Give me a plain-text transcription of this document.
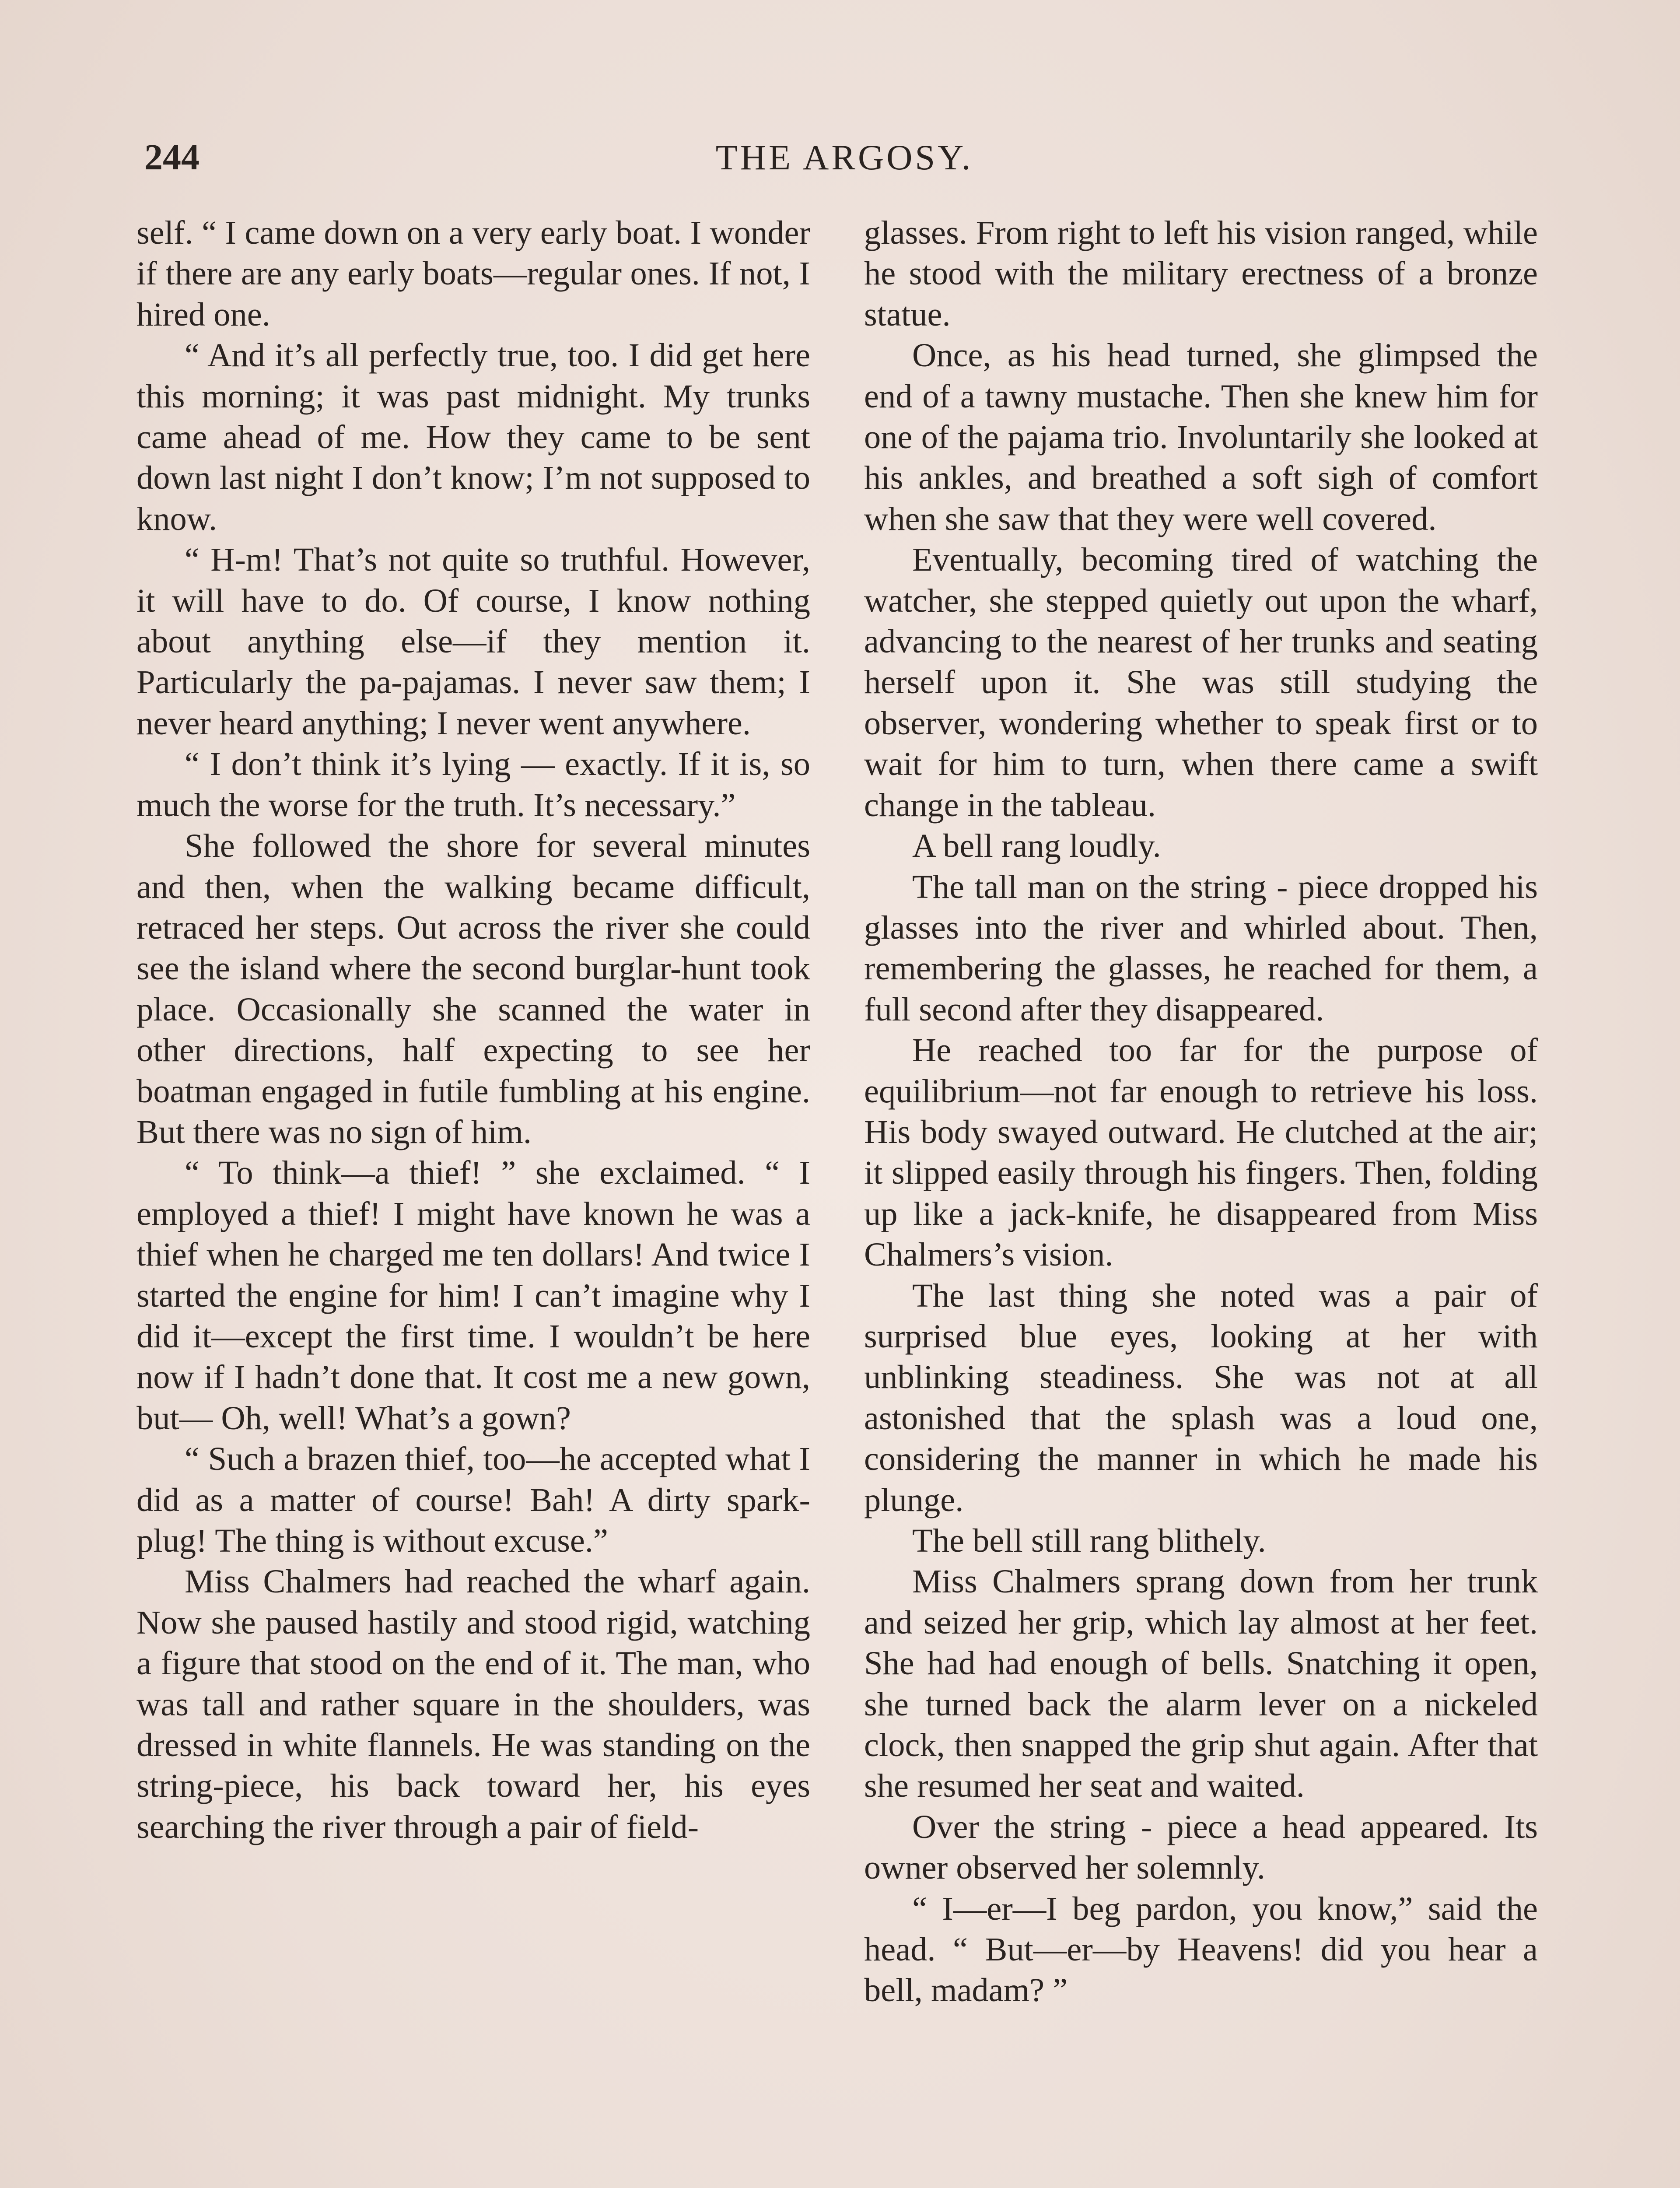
244	THE ARGOSY.

self. “ I came down on a very early boat. I wonder if there are any early boats—regular ones. If not, I hired one.

“ And it’s all perfectly true, too. I did get here this morning; it was past midnight. My trunks came ahead of me. How they came to be sent down last night I don’t know; I’m not supposed to know.

“ H-m! That’s not quite so truthful. However, it will have to do. Of course, I know nothing about anything else—if they mention it. Particularly the pa-pajamas. I never saw them; I never heard anything; I never went anywhere.

“ I don’t think it’s lying — exactly. If it is, so much the worse for the truth. It’s necessary.”

She followed the shore for several minutes and then, when the walking became difficult, retraced her steps. Out across the river she could see the island where the second burglar-hunt took place. Occasionally she scanned the water in other directions, half expecting to see her boatman engaged in futile fumbling at his engine. But there was no sign of him.

“ To think—a thief! ” she exclaimed. “ I employed a thief! I might have known he was a thief when he charged me ten dollars! And twice I started the engine for him! I can’t imagine why I did it—except the first time. I wouldn’t be here now if I hadn’t done that. It cost me a new gown, but— Oh, well! What’s a gown?

“ Such a brazen thief, too—he accepted what I did as a matter of course! Bah! A dirty spark-plug! The thing is without excuse.”

Miss Chalmers had reached the wharf again. Now she paused hastily and stood rigid, watching a figure that stood on the end of it. The man, who was tall and rather square in the shoulders, was dressed in white flannels. He was standing on the string-piece, his back toward her, his eyes searching the river through a pair of field-

glasses. From right to left his vision ranged, while he stood with the military erectness of a bronze statue.

Once, as his head turned, she glimpsed the end of a tawny mustache. Then she knew him for one of the pajama trio. Involuntarily she looked at his ankles, and breathed a soft sigh of comfort when she saw that they were well covered.

Eventually, becoming tired of watching the watcher, she stepped quietly out upon the wharf, advancing to the nearest of her trunks and seating herself upon it. She was still studying the observer, wondering whether to speak first or to wait for him to turn, when there came a swift change in the tableau.

A bell rang loudly.

The tall man on the string - piece dropped his glasses into the river and whirled about. Then, remembering the glasses, he reached for them, a full second after they disappeared.

He reached too far for the purpose of equilibrium—not far enough to retrieve his loss. His body swayed outward. He clutched at the air; it slipped easily through his fingers. Then, folding up like a jack-knife, he disappeared from Miss Chalmers’s vision.

The last thing she noted was a pair of surprised blue eyes, looking at her with unblinking steadiness. She was not at all astonished that the splash was a loud one, considering the manner in which he made his plunge.

The bell still rang blithely.

Miss Chalmers sprang down from her trunk and seized her grip, which lay almost at her feet. She had had enough of bells. Snatching it open, she turned back the alarm lever on a nickeled clock, then snapped the grip shut again. After that she resumed her seat and waited.

Over the string - piece a head appeared. Its owner observed her solemnly.

“ I—er—I beg pardon, you know,” said the head. “ But—er—by Heavens! did you hear a bell, madam? ”
